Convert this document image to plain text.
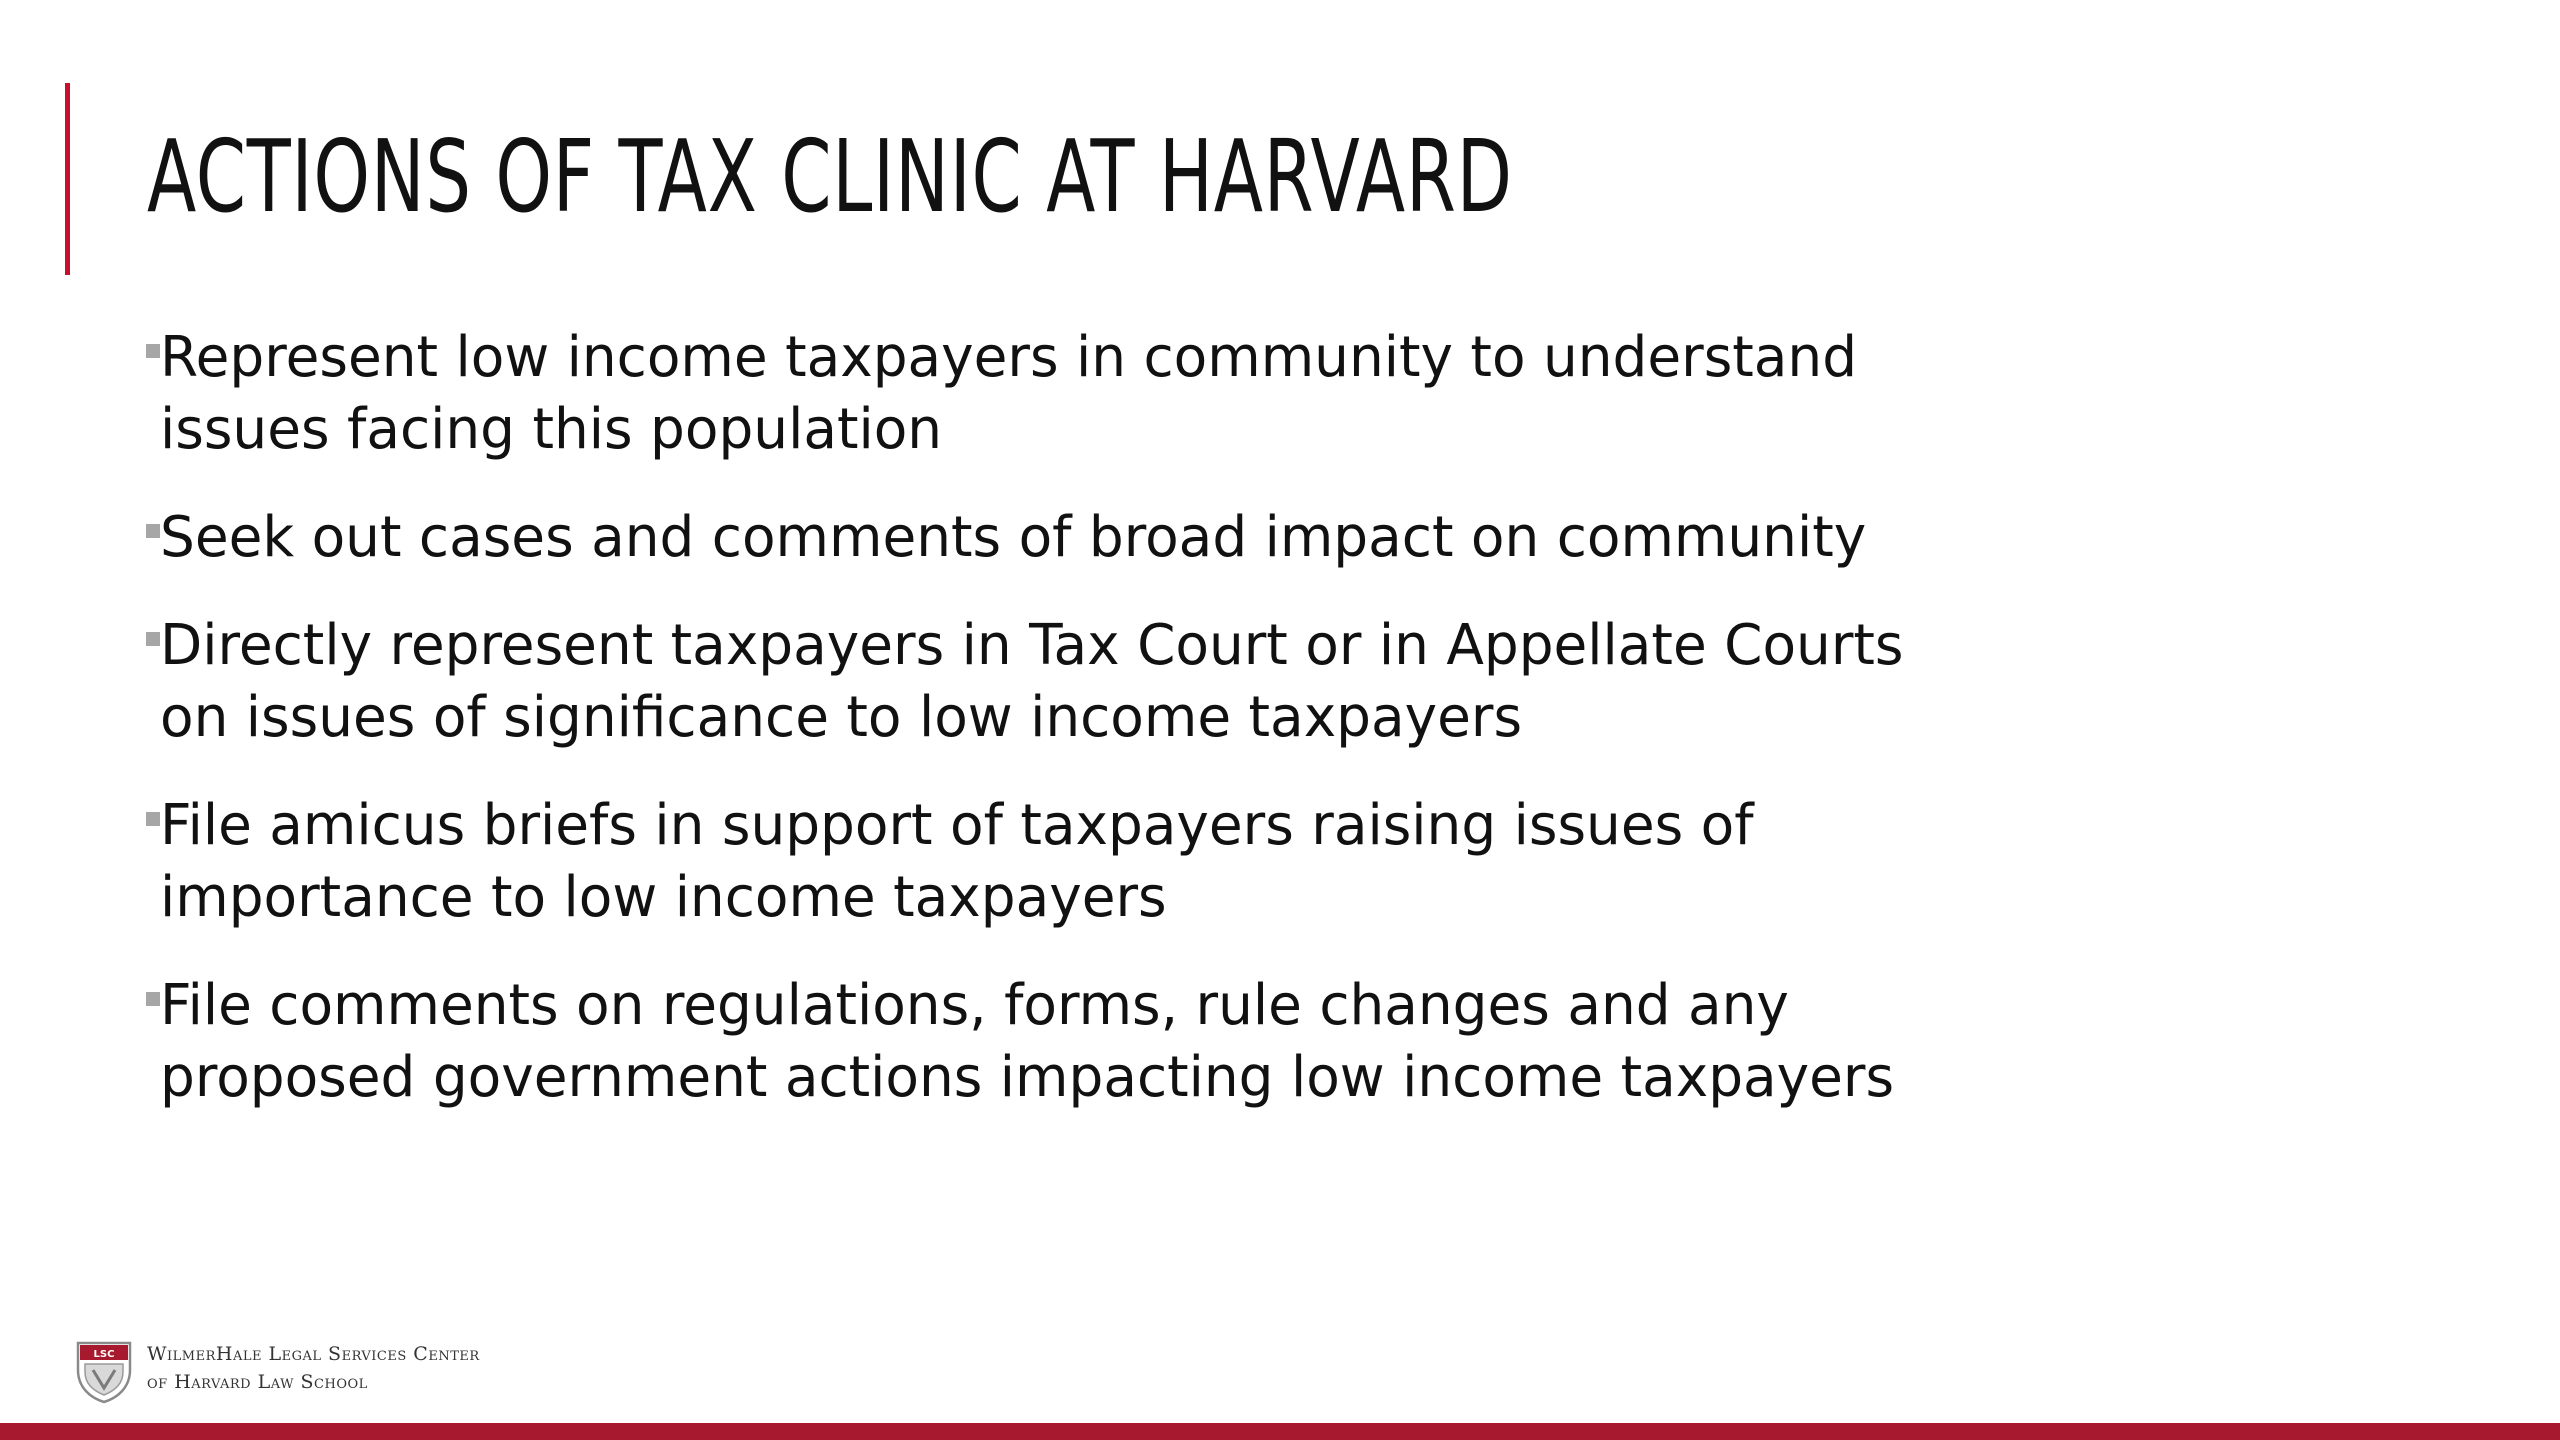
ACTIONS OF TAX CLINIC AT HARVARD
Represent low income taxpayers in community to understand issues facing this population
Seek out cases and comments of broad impact on community
Directly represent taxpayers in Tax Court or in Appellate Courts on issues of significance to low income taxpayers
File amicus briefs in support of taxpayers raising issues of importance to low income taxpayers
File comments on regulations, forms, rule changes and any proposed government actions impacting low income taxpayers
LSC WilmerHale Legal Services Center
of Harvard Law School
